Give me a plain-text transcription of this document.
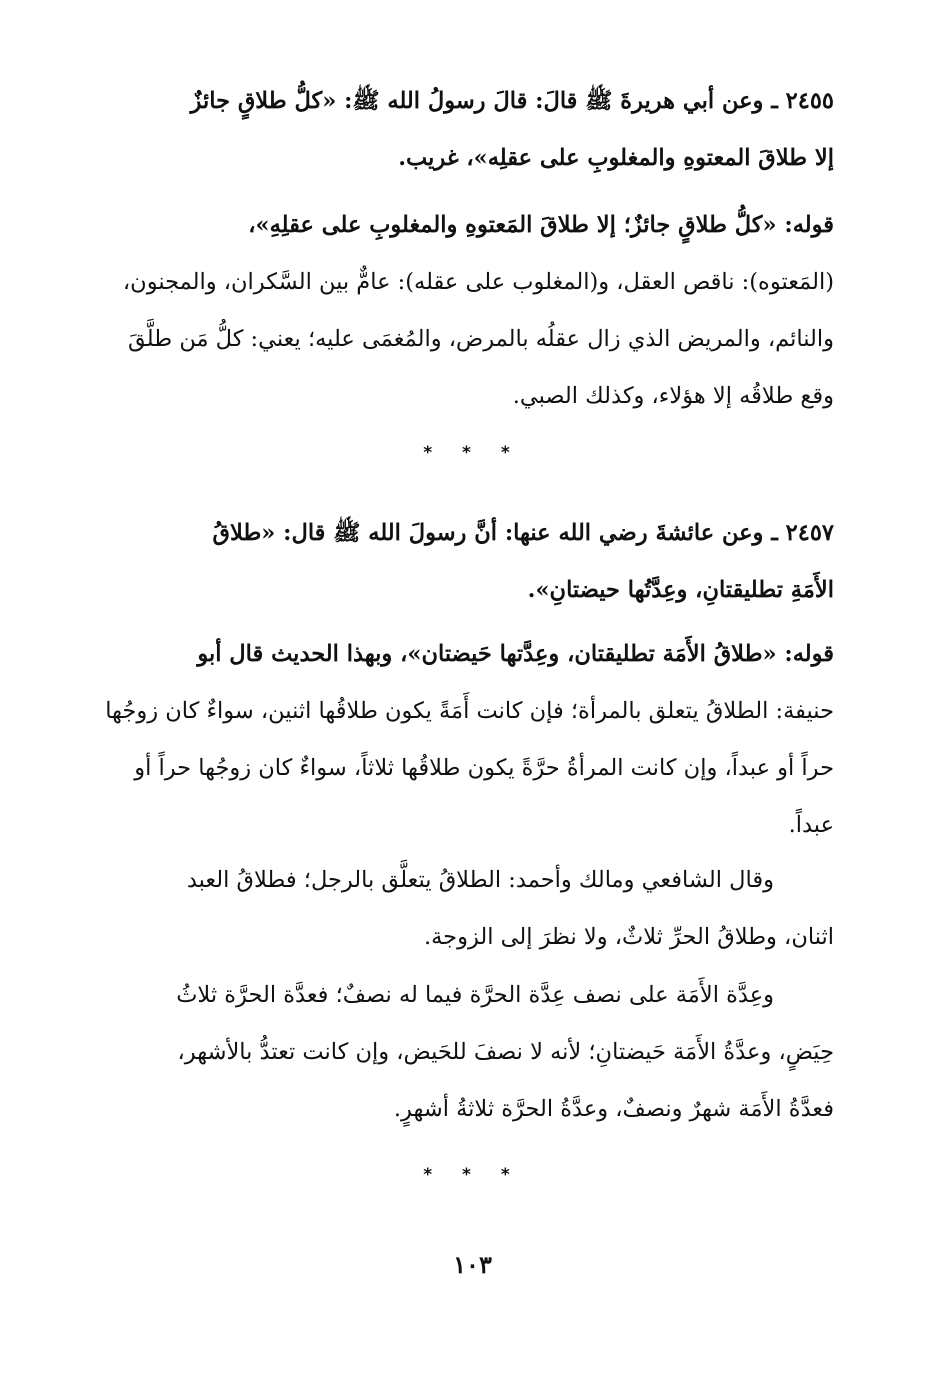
٢٤٥٥ ـ وعن أبي هريرةَ ﷺ قالَ: قالَ رسولُ الله ﷺ: «كلُّ طلاقٍ جائزٌ
إلا طلاقَ المعتوهِ والمغلوبِ على عقلِه»، غريب.
قوله: «كلُّ طلاقٍ جائزٌ؛ إلا طلاقَ المَعتوهِ والمغلوبِ على عقلِهِ»،
(المَعتوه): ناقص العقل، و(المغلوب على عقله): عامٌّ بين السَّكران، والمجنون،
والنائم، والمريض الذي زال عقلُه بالمرض، والمُغمَى عليه؛ يعني: كلُّ مَن طلَّقَ
وقع طلاقُه إلا هؤلاء، وكذلك الصبي.
* * *
٢٤٥٧ ـ وعن عائشةَ رضي الله عنها: أنَّ رسولَ الله ﷺ قال: «طلاقُ
الأَمَةِ تطليقتانِ، وعِدَّتُها حيضتانِ».
قوله: «طلاقُ الأَمَة تطليقتان، وعِدَّتها حَيضتان»، وبهذا الحديث قال أبو
حنيفة: الطلاقُ يتعلق بالمرأة؛ فإن كانت أَمَةً يكون طلاقُها اثنين، سواءٌ كان زوجُها
حراً أو عبداً، وإن كانت المرأةُ حرَّةً يكون طلاقُها ثلاثاً، سواءٌ كان زوجُها حراً أو
عبداً.
وقال الشافعي ومالك وأحمد: الطلاقُ يتعلَّق بالرجل؛ فطلاقُ العبد
اثنان، وطلاقُ الحرِّ ثلاثٌ، ولا نظرَ إلى الزوجة.
وعِدَّة الأَمَة على نصف عِدَّة الحرَّة فيما له نصفٌ؛ فعدَّة الحرَّة ثلاثُ
حِيَضٍ، وعدَّةُ الأَمَة حَيضتانِ؛ لأنه لا نصفَ للحَيض، وإن كانت تعتدُّ بالأشهر،
فعدَّةُ الأَمَة شهرٌ ونصفٌ، وعدَّةُ الحرَّة ثلاثةُ أشهرٍ.
* * *
١٠٣
